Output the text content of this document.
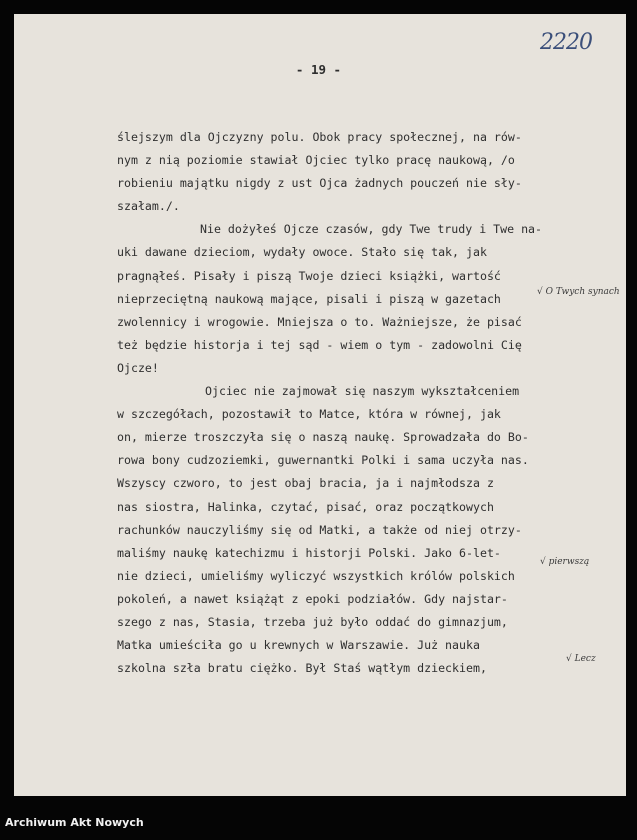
2220
- 19 -
ślejszym dla Ojczyzny polu. Obok pracy społecznej, na rów-
nym z nią poziomie stawiał Ojciec tylko pracę naukową, /o
robieniu majątku nigdy z ust Ojca żadnych pouczeń nie sły-
szałam./.
Nie dożyłeś Ojcze czasów, gdy Twe trudy i Twe na-
uki dawane dzieciom, wydały owoce. Stało się tak, jak
pragnąłeś. Pisały i piszą Twoje dzieci książki, wartość
nieprzeciętną naukową mające, pisali i piszą w gazetach
zwolennicy i wrogowie. Mniejsza o to. Ważniejsze, że pisać
też będzie historja i tej sąd - wiem o tym - zadowolni Cię
Ojcze!
Ojciec nie zajmował się naszym wykształceniem
w szczegółach, pozostawił to Matce, która w równej, jak
on, mierze troszczyła się o naszą naukę. Sprowadzała do Bo-
rowa bony cudzoziemki, guwernantki Polki i sama uczyła nas.
Wszyscy czworo, to jest obaj bracia, ja i najmłodsza z
nas siostra, Halinka, czytać, pisać, oraz początkowych
rachunków nauczyliśmy się od Matki, a także od niej otrzy-
maliśmy naukę katechizmu i historji Polski. Jako 6-let-
nie dzieci, umieliśmy wyliczyć wszystkich królów polskich
pokoleń, a nawet książąt z epoki podziałów. Gdy najstar-
szego z nas, Stasia, trzeba już było oddać do gimnazjum,
Matka umieściła go u krewnych w Warszawie. Już nauka
szkolna szła bratu ciężko. Był Staś wątłym dzieckiem,
√ O Twych synach
√ pierwszą
√ Lecz
Archiwum Akt Nowych
